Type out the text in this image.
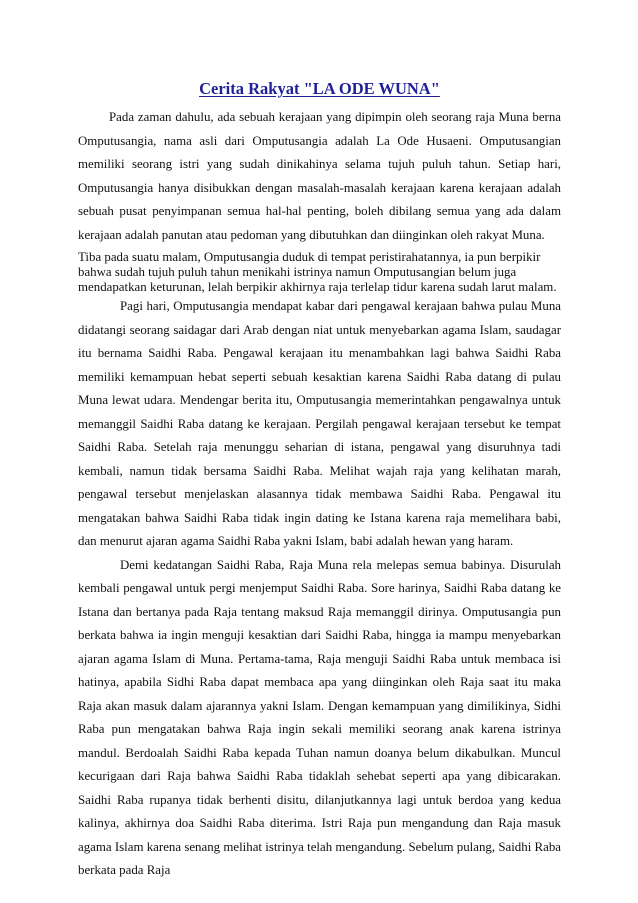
Cerita Rakyat "LA ODE WUNA"

Pada zaman dahulu, ada sebuah kerajaan yang dipimpin oleh seorang raja Muna berna Omputusangia, nama asli dari Omputusangia adalah La Ode Husaeni. Omputusangian memiliki seorang istri yang sudah dinikahinya selama tujuh puluh tahun. Setiap hari, Omputusangia hanya disibukkan dengan masalah-masalah kerajaan karena kerajaan adalah sebuah pusat penyimpanan semua hal-hal penting, boleh dibilang semua yang ada dalam kerajaan adalah panutan atau pedoman yang dibutuhkan dan diinginkan oleh rakyat Muna.

Tiba pada suatu malam, Omputusangia duduk di tempat peristirahatannya, ia pun berpikir bahwa sudah tujuh puluh tahun menikahi istrinya namun Omputusangian belum juga mendapatkan keturunan, lelah berpikir akhirnya raja terlelap tidur karena sudah larut malam.

Pagi hari, Omputusangia mendapat kabar dari pengawal kerajaan bahwa pulau Muna didatangi seorang saidagar dari Arab dengan niat untuk menyebarkan agama Islam, saudagar itu bernama Saidhi Raba. Pengawal kerajaan itu menambahkan lagi bahwa Saidhi Raba memiliki kemampuan hebat seperti sebuah kesaktian karena Saidhi Raba datang di pulau Muna lewat udara. Mendengar berita itu, Omputusangia memerintahkan pengawalnya untuk memanggil Saidhi Raba datang ke kerajaan. Pergilah pengawal kerajaan tersebut ke tempat Saidhi Raba. Setelah raja menunggu seharian di istana, pengawal yang disuruhnya tadi kembali, namun tidak bersama Saidhi Raba. Melihat wajah raja yang kelihatan marah, pengawal tersebut menjelaskan alasannya tidak membawa Saidhi Raba. Pengawal itu mengatakan bahwa Saidhi Raba tidak ingin dating ke Istana karena raja memelihara babi, dan menurut ajaran agama Saidhi Raba yakni Islam, babi adalah hewan yang haram.

Demi kedatangan Saidhi Raba, Raja Muna rela melepas semua babinya. Disurulah kembali pengawal untuk pergi menjemput Saidhi Raba. Sore harinya, Saidhi Raba datang ke Istana dan bertanya pada Raja tentang maksud Raja memanggil dirinya. Omputusangia pun berkata bahwa ia ingin menguji kesaktian dari Saidhi Raba, hingga ia mampu menyebarkan ajaran agama Islam di Muna. Pertama-tama, Raja menguji Saidhi Raba untuk membaca isi hatinya, apabila Sidhi Raba dapat membaca apa yang diinginkan oleh Raja saat itu maka Raja akan masuk dalam ajarannya yakni Islam. Dengan kemampuan yang dimilikinya, Sidhi Raba pun mengatakan bahwa Raja ingin sekali memiliki seorang anak karena istrinya mandul. Berdoalah Saidhi Raba kepada Tuhan namun doanya belum dikabulkan. Muncul kecurigaan dari Raja bahwa Saidhi Raba tidaklah sehebat seperti apa yang dibicarakan. Saidhi Raba rupanya tidak berhenti disitu, dilanjutkannya lagi untuk berdoa yang kedua kalinya, akhirnya doa Saidhi Raba diterima. Istri Raja pun mengandung dan Raja masuk agama Islam karena senang melihat istrinya telah mengandung. Sebelum pulang, Saidhi Raba berkata pada Raja
